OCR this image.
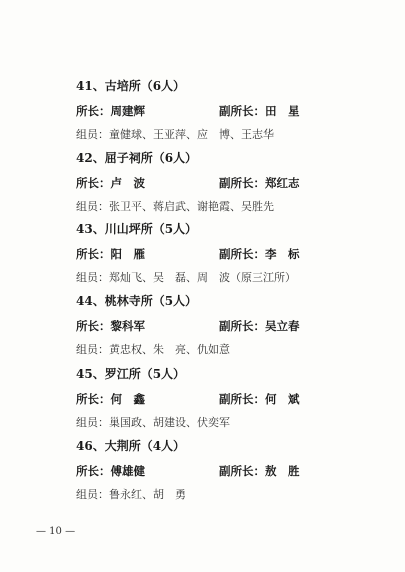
41、古培所（6人）
所长：周建辉	副所长：田　星
组员：童健球、王亚萍、应　博、王志华
42、屈子祠所（6人）
所长：卢　波	副所长：郑红志
组员：张卫平、蒋启武、谢艳霞、吴胜先
43、川山坪所（5人）
所长：阳　雁	副所长：李　标
组员：郑灿飞、吴　磊、周　波（原三江所）
44、桃林寺所（5人）
所长：黎科军	副所长：吴立春
组员：黄忠权、朱　亮、仇如意
45、罗江所（5人）
所长：何　鑫	副所长：何　斌
组员：巢国政、胡建设、伏奕军
46、大荆所（4人）
所长：傅雄健	副所长：敖　胜
组员：鲁永红、胡　勇
— 10 —
